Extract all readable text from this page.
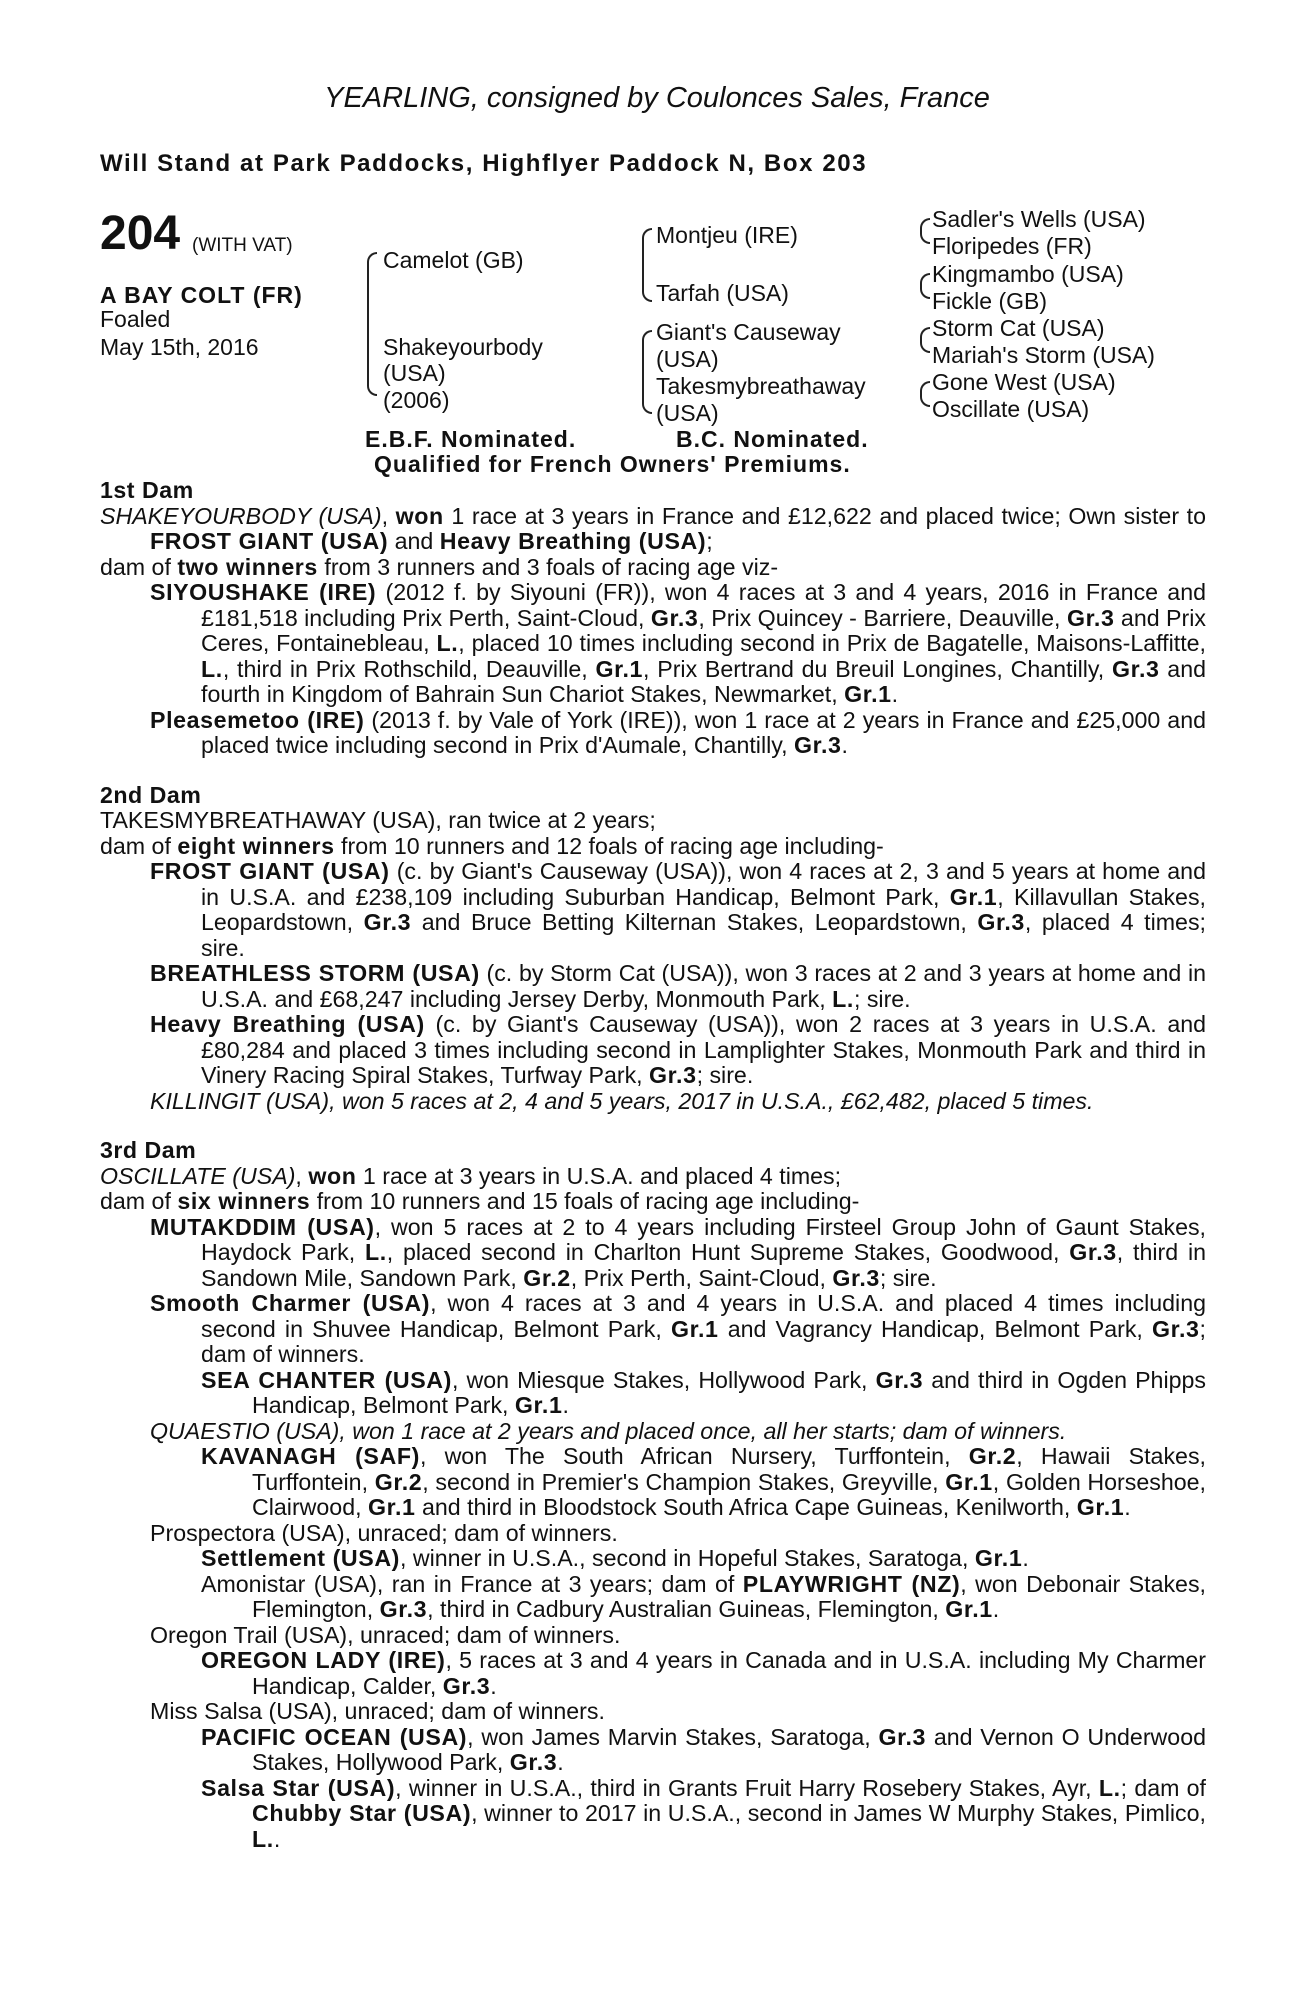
YEARLING, consigned by Coulonces Sales, France
Will Stand at Park Paddocks, Highflyer Paddock N, Box 203
204 (WITH VAT)
A BAY COLT (FR)
Foaled
May 15th, 2016
Camelot (GB)
Shakeyourbody
(USA)
(2006)
Montjeu (IRE)
Tarfah (USA)
Giant's Causeway
(USA)
Takesmybreathaway
(USA)
Sadler's Wells (USA)
Floripedes (FR)
Kingmambo (USA)
Fickle (GB)
Storm Cat (USA)
Mariah's Storm (USA)
Gone West (USA)
Oscillate (USA)
E.B.F. Nominated.	B.C. Nominated.
Qualified for French Owners' Premiums.
1st Dam
SHAKEYOURBODY (USA), won 1 race at 3 years in France and £12,622 and placed twice; Own sister to FROST GIANT (USA) and Heavy Breathing (USA);
dam of two winners from 3 runners and 3 foals of racing age viz-
SIYOUSHAKE (IRE) (2012 f. by Siyouni (FR)), won 4 races at 3 and 4 years, 2016 in France and £181,518 including Prix Perth, Saint-Cloud, Gr.3, Prix Quincey - Barriere, Deauville, Gr.3 and Prix Ceres, Fontainebleau, L., placed 10 times including second in Prix de Bagatelle, Maisons-Laffitte, L., third in Prix Rothschild, Deauville, Gr.1, Prix Bertrand du Breuil Longines, Chantilly, Gr.3 and fourth in Kingdom of Bahrain Sun Chariot Stakes, Newmarket, Gr.1.
Pleasemetoo (IRE) (2013 f. by Vale of York (IRE)), won 1 race at 2 years in France and £25,000 and placed twice including second in Prix d'Aumale, Chantilly, Gr.3.
2nd Dam
TAKESMYBREATHAWAY (USA), ran twice at 2 years;
dam of eight winners from 10 runners and 12 foals of racing age including-
FROST GIANT (USA) (c. by Giant's Causeway (USA)), won 4 races at 2, 3 and 5 years at home and in U.S.A. and £238,109 including Suburban Handicap, Belmont Park, Gr.1, Killavullan Stakes, Leopardstown, Gr.3 and Bruce Betting Kilternan Stakes, Leopardstown, Gr.3, placed 4 times; sire.
BREATHLESS STORM (USA) (c. by Storm Cat (USA)), won 3 races at 2 and 3 years at home and in U.S.A. and £68,247 including Jersey Derby, Monmouth Park, L.; sire.
Heavy Breathing (USA) (c. by Giant's Causeway (USA)), won 2 races at 3 years in U.S.A. and £80,284 and placed 3 times including second in Lamplighter Stakes, Monmouth Park and third in Vinery Racing Spiral Stakes, Turfway Park, Gr.3; sire.
KILLINGIT (USA), won 5 races at 2, 4 and 5 years, 2017 in U.S.A., £62,482, placed 5 times.
3rd Dam
OSCILLATE (USA), won 1 race at 3 years in U.S.A. and placed 4 times;
dam of six winners from 10 runners and 15 foals of racing age including-
MUTAKDDIM (USA), won 5 races at 2 to 4 years including Firsteel Group John of Gaunt Stakes, Haydock Park, L., placed second in Charlton Hunt Supreme Stakes, Goodwood, Gr.3, third in Sandown Mile, Sandown Park, Gr.2, Prix Perth, Saint-Cloud, Gr.3; sire.
Smooth Charmer (USA), won 4 races at 3 and 4 years in U.S.A. and placed 4 times including second in Shuvee Handicap, Belmont Park, Gr.1 and Vagrancy Handicap, Belmont Park, Gr.3; dam of winners.
SEA CHANTER (USA), won Miesque Stakes, Hollywood Park, Gr.3 and third in Ogden Phipps Handicap, Belmont Park, Gr.1.
QUAESTIO (USA), won 1 race at 2 years and placed once, all her starts; dam of winners.
KAVANAGH (SAF), won The South African Nursery, Turffontein, Gr.2, Hawaii Stakes, Turffontein, Gr.2, second in Premier's Champion Stakes, Greyville, Gr.1, Golden Horseshoe, Clairwood, Gr.1 and third in Bloodstock South Africa Cape Guineas, Kenilworth, Gr.1.
Prospectora (USA), unraced; dam of winners.
Settlement (USA), winner in U.S.A., second in Hopeful Stakes, Saratoga, Gr.1.
Amonistar (USA), ran in France at 3 years; dam of PLAYWRIGHT (NZ), won Debonair Stakes, Flemington, Gr.3, third in Cadbury Australian Guineas, Flemington, Gr.1.
Oregon Trail (USA), unraced; dam of winners.
OREGON LADY (IRE), 5 races at 3 and 4 years in Canada and in U.S.A. including My Charmer Handicap, Calder, Gr.3.
Miss Salsa (USA), unraced; dam of winners.
PACIFIC OCEAN (USA), won James Marvin Stakes, Saratoga, Gr.3 and Vernon O Underwood Stakes, Hollywood Park, Gr.3.
Salsa Star (USA), winner in U.S.A., third in Grants Fruit Harry Rosebery Stakes, Ayr, L.; dam of Chubby Star (USA), winner to 2017 in U.S.A., second in James W Murphy Stakes, Pimlico, L..
